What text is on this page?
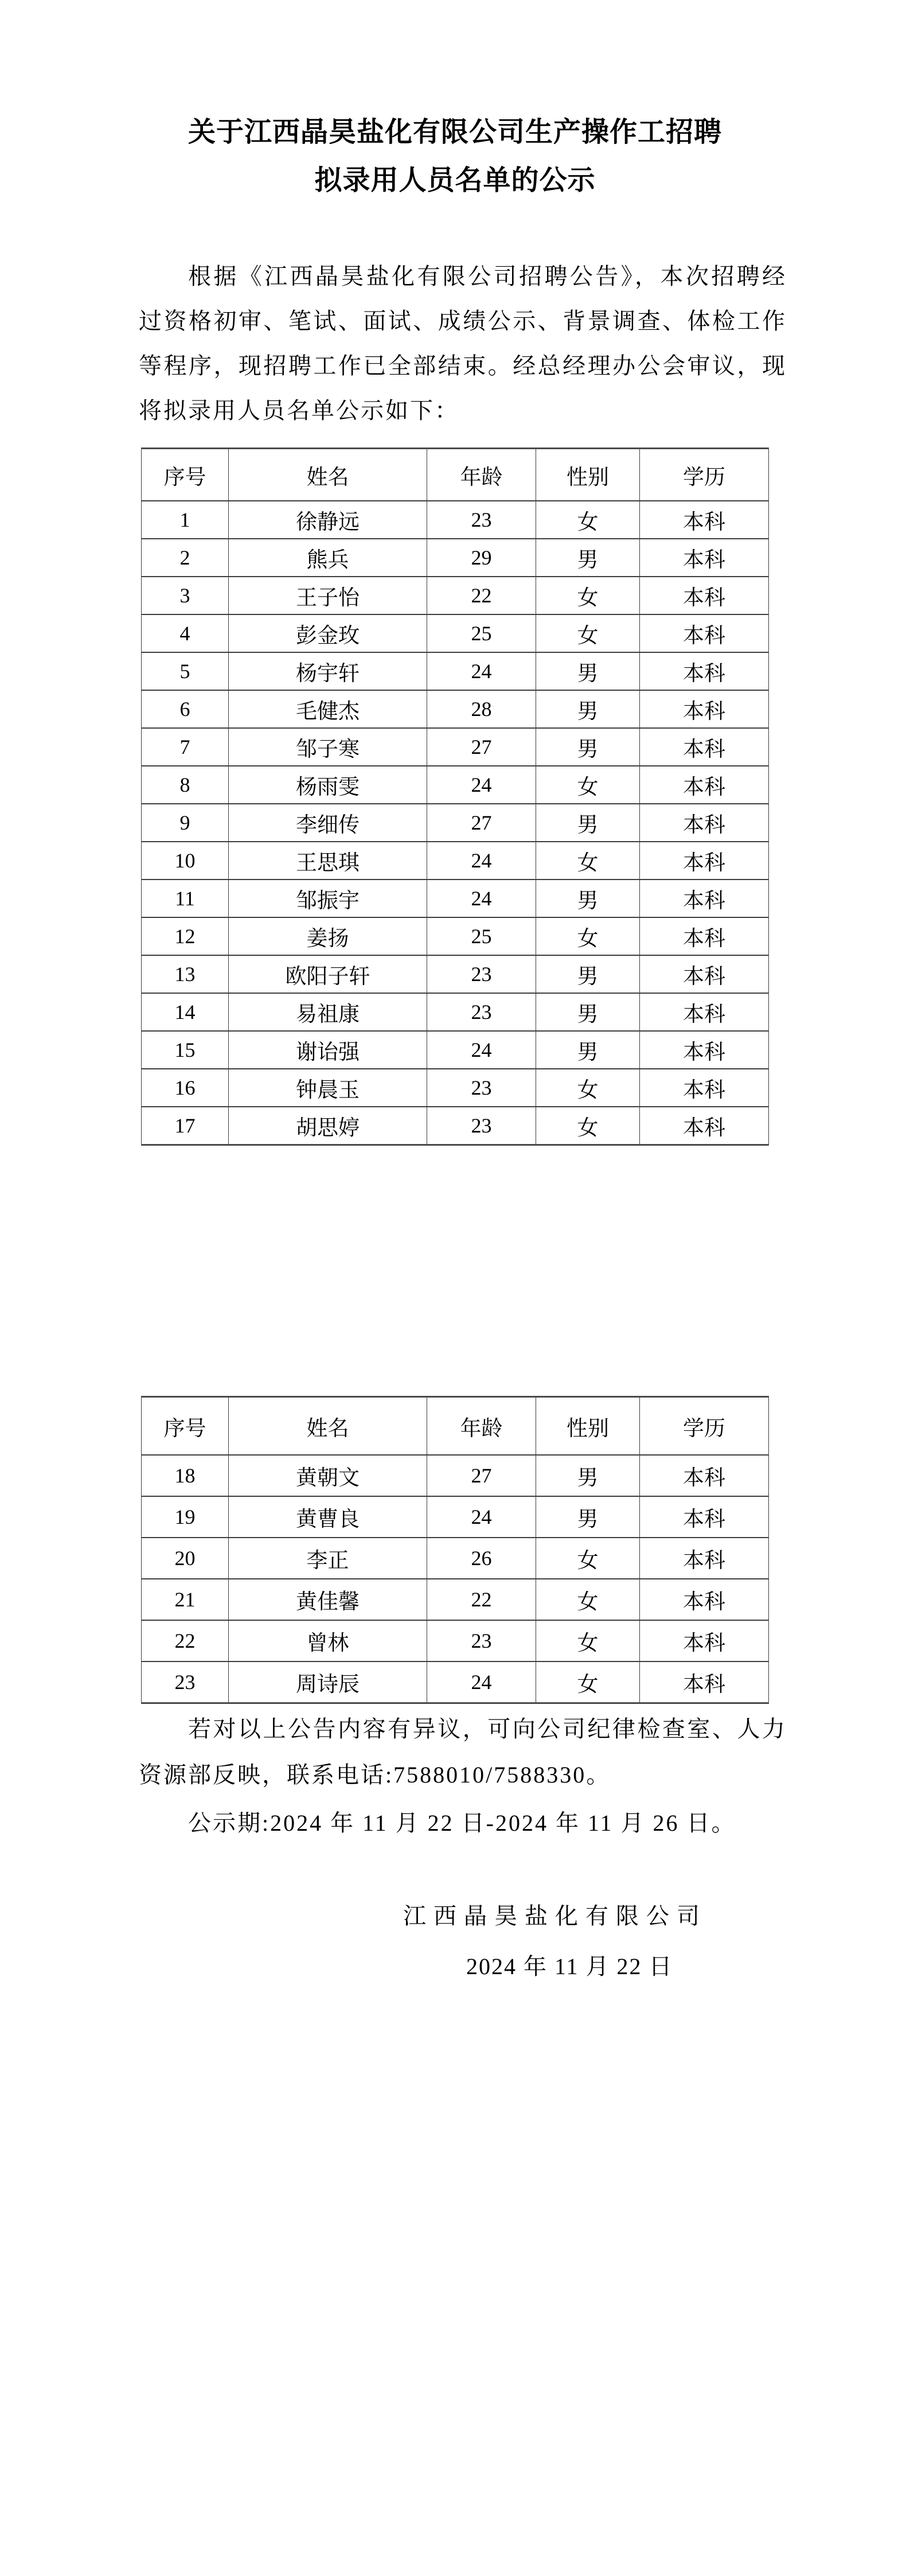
关于江西晶昊盐化有限公司生产操作工招聘
拟录用人员名单的公示
根据《江西晶昊盐化有限公司招聘公告》，本次招聘经
过资格初审、笔试、面试、成绩公示、背景调查、体检工作
等程序，现招聘工作已全部结束。经总经理办公会审议，现
将拟录用人员名单公示如下：
序号	姓名	年龄	性别	学历
1	徐静远	23	女	本科
2	熊兵	29	男	本科
3	王子怡	22	女	本科
4	彭金玫	25	女	本科
5	杨宇轩	24	男	本科
6	毛健杰	28	男	本科
7	邹子寒	27	男	本科
8	杨雨雯	24	女	本科
9	李细传	27	男	本科
10	王思琪	24	女	本科
11	邹振宇	24	男	本科
12	姜扬	25	女	本科
13	欧阳子轩	23	男	本科
14	易祖康	23	男	本科
15	谢诒强	24	男	本科
16	钟晨玉	23	女	本科
17	胡思婷	23	女	本科
序号	姓名	年龄	性别	学历
18	黄朝文	27	男	本科
19	黄曹良	24	男	本科
20	李正	26	女	本科
21	黄佳馨	22	女	本科
22	曾林	23	女	本科
23	周诗辰	24	女	本科
若对以上公告内容有异议，可向公司纪律检查室、人力
资源部反映，联系电话:7588010/7588330。
公示期:2024 年 11 月 22 日-2024 年 11 月 26 日。
江西晶昊盐化有限公司
2024 年 11 月 22 日
